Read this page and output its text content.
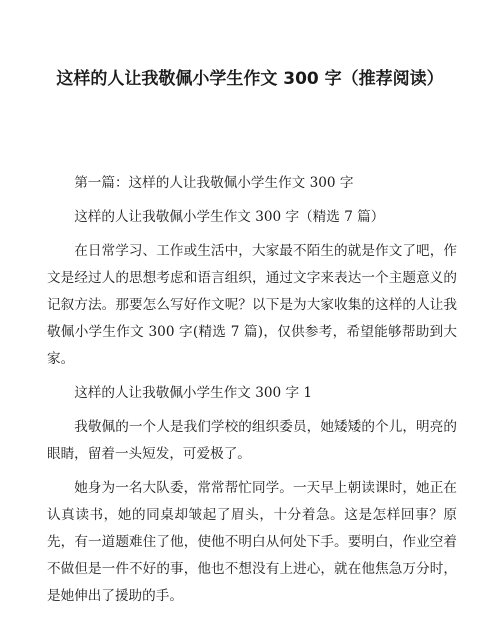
这样的人让我敬佩小学生作文 300 字（推荐阅读）

第一篇：这样的人让我敬佩小学生作文 300 字

这样的人让我敬佩小学生作文 300 字（精选 7 篇）

在日常学习、工作或生活中，大家最不陌生的就是作文了吧，作文是经过人的思想考虑和语言组织，通过文字来表达一个主题意义的记叙方法。那要怎么写好作文呢？以下是为大家收集的这样的人让我敬佩小学生作文 300 字(精选 7 篇)，仅供参考，希望能够帮助到大家。

这样的人让我敬佩小学生作文 300 字 1

我敬佩的一个人是我们学校的组织委员，她矮矮的个儿，明亮的眼睛，留着一头短发，可爱极了。

她身为一名大队委，常常帮忙同学。一天早上朝读课时，她正在认真读书，她的同桌却皱起了眉头，十分着急。这是怎样回事？原先，有一道题难住了他，使他不明白从何处下手。要明白，作业空着不做但是一件不好的事，他也不想没有上进心，就在他焦急万分时，是她伸出了援助的手。
